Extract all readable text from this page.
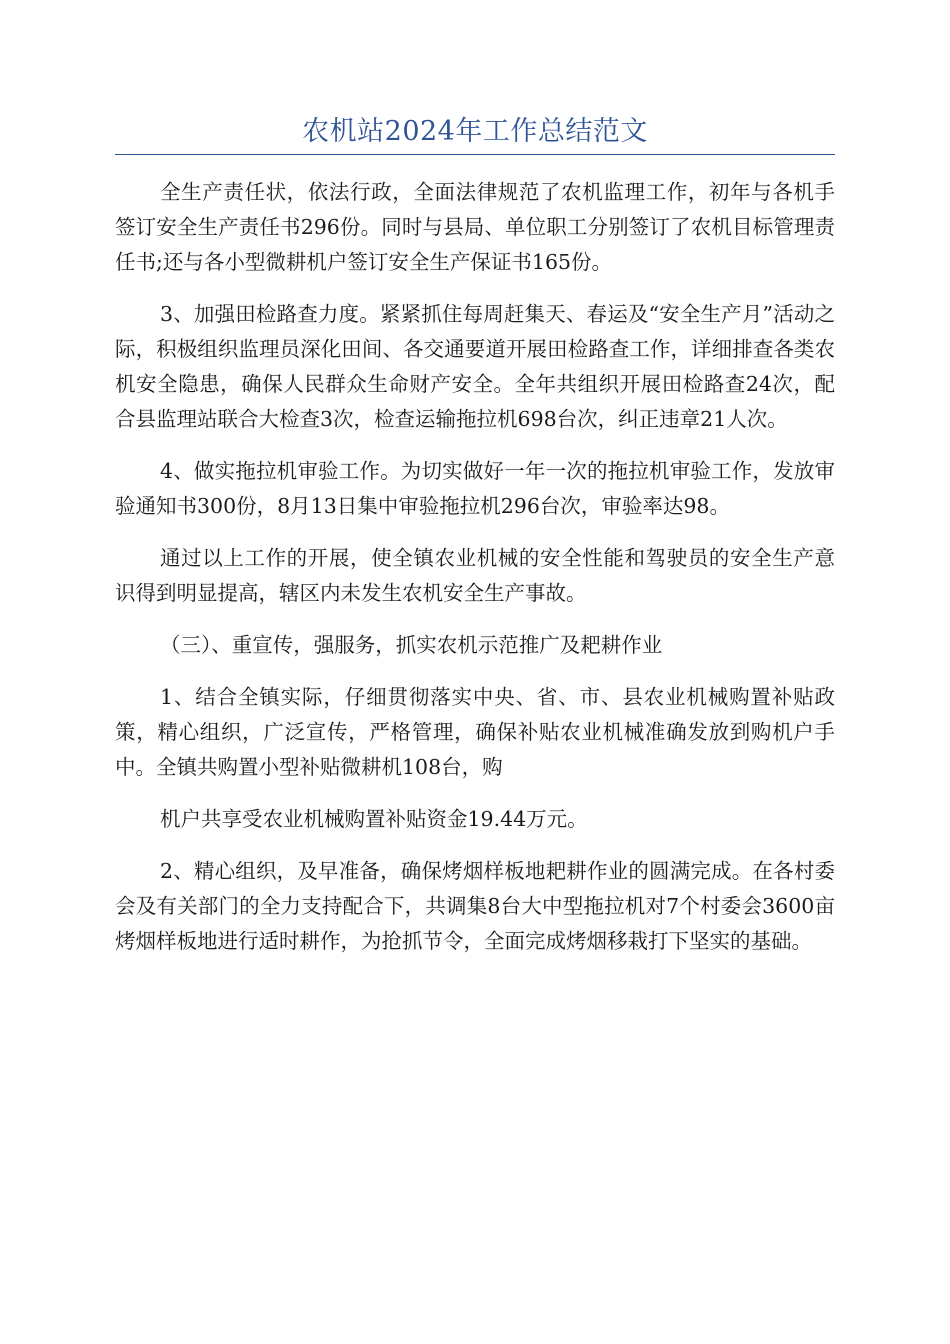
农机站2024年工作总结范文

全生产责任状，依法行政，全面法律规范了农机监理工作，初年与各机手签订安全生产责任书296份。同时与县局、单位职工分别签订了农机目标管理责任书;还与各小型微耕机户签订安全生产保证书165份。

3、加强田检路查力度。紧紧抓住每周赶集天、春运及“安全生产月”活动之际，积极组织监理员深化田间、各交通要道开展田检路查工作，详细排查各类农机安全隐患，确保人民群众生命财产安全。全年共组织开展田检路查24次，配合县监理站联合大检查3次，检查运输拖拉机698台次，纠正违章21人次。

4、做实拖拉机审验工作。为切实做好一年一次的拖拉机审验工作，发放审验通知书300份，8月13日集中审验拖拉机296台次，审验率达98。

通过以上工作的开展，使全镇农业机械的安全性能和驾驶员的安全生产意识得到明显提高，辖区内未发生农机安全生产事故。

（三）、重宣传，强服务，抓实农机示范推广及耙耕作业

1、结合全镇实际，仔细贯彻落实中央、省、市、县农业机械购置补贴政策，精心组织，广泛宣传，严格管理，确保补贴农业机械准确发放到购机户手中。全镇共购置小型补贴微耕机108台，购

机户共享受农业机械购置补贴资金19.44万元。

2、精心组织，及早准备，确保烤烟样板地耙耕作业的圆满完成。在各村委会及有关部门的全力支持配合下，共调集8台大中型拖拉机对7个村委会3600亩烤烟样板地进行适时耕作，为抢抓节令，全面完成烤烟移栽打下坚实的基础。
